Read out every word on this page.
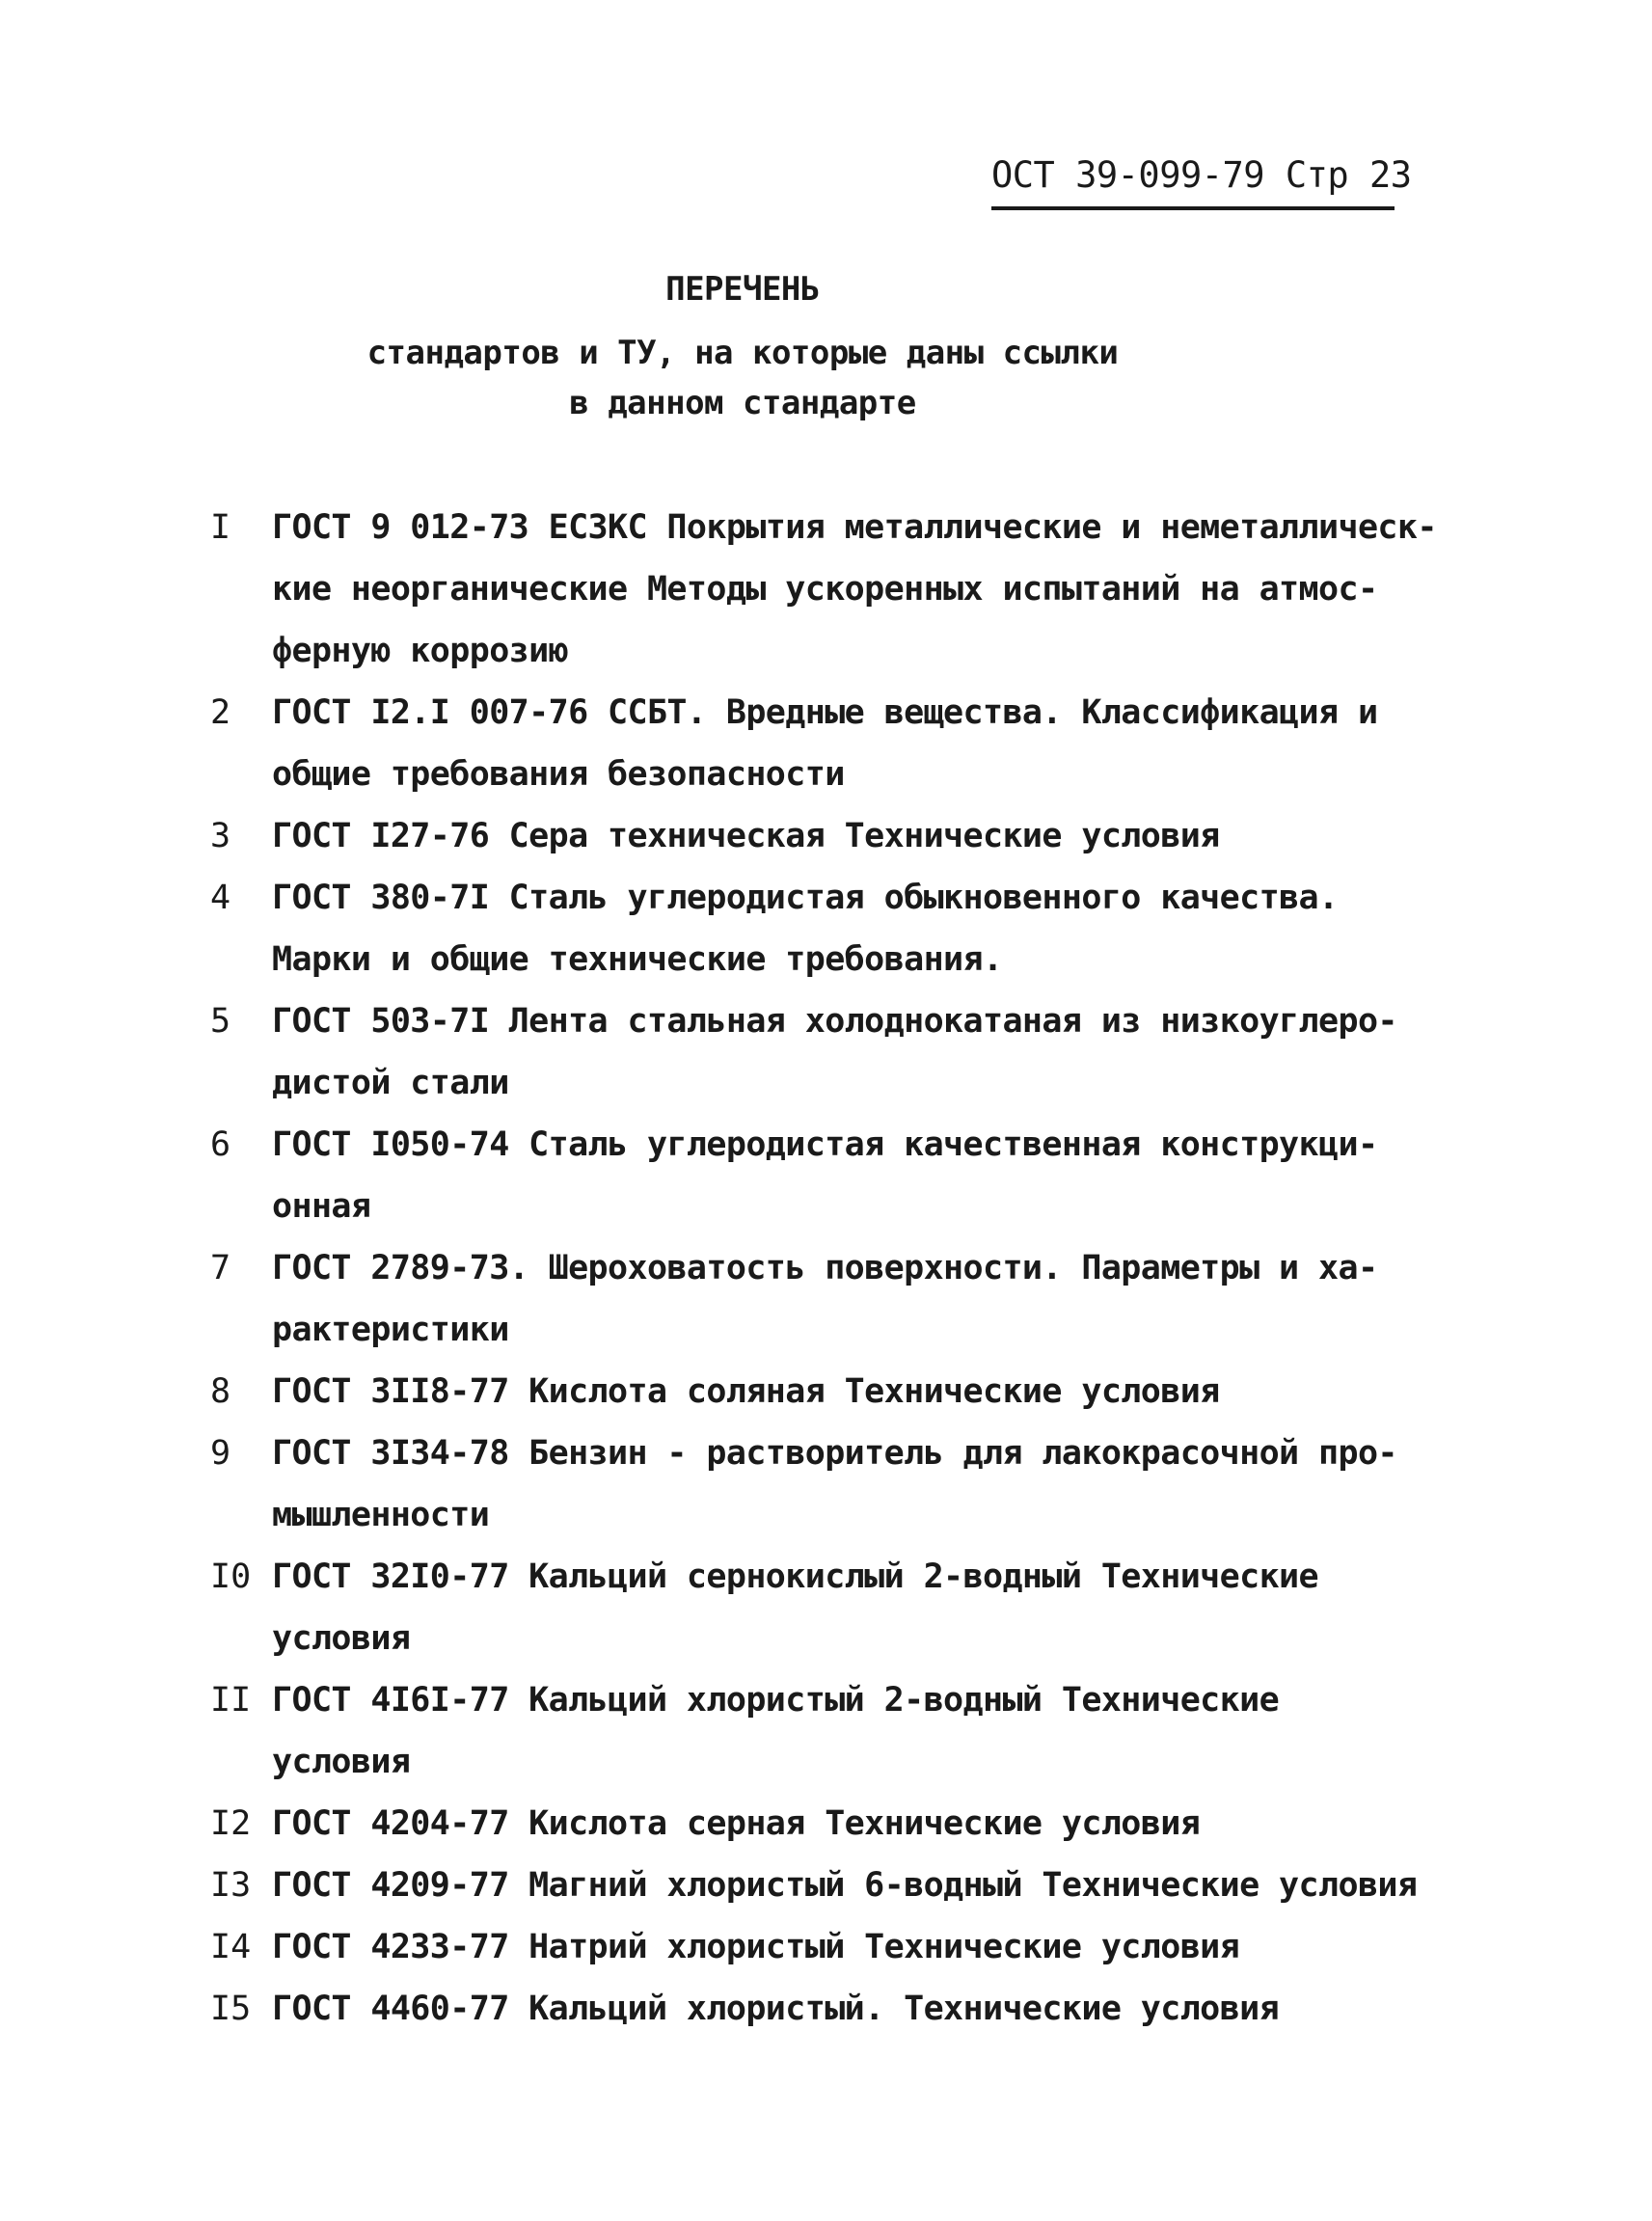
ОСТ 39-099-79 Стр 23
ПЕРЕЧЕНЬ
стандартов и ТУ, на которые даны ссылки
в данном стандарте
I	ГОСТ 9 012-73 ЕСЗКС Покрытия металлические и неметаллическ-
кие неорганические Методы ускоренных испытаний на атмос-
ферную коррозию
2	ГОСТ I2.I 007-76 ССБТ. Вредные вещества. Классификация и
общие требования безопасности
3	ГОСТ I27-76 Сера техническая Технические условия
4	ГОСТ 380-7I Сталь углеродистая обыкновенного качества.
Марки и общие технические требования.
5	ГОСТ 503-7I Лента стальная холоднокатаная из низкоуглеро-
дистой стали
6	ГОСТ I050-74 Сталь углеродистая качественная конструкци-
онная
7	ГОСТ 2789-73. Шероховатость поверхности. Параметры и ха-
рактеристики
8	ГОСТ 3II8-77 Кислота соляная Технические условия
9	ГОСТ 3I34-78 Бензин - растворитель для лакокрасочной про-
мышленности
I0 ГОСТ 32I0-77 Кальций сернокислый 2-водный Технические
условия
II ГОСТ 4I6I-77 Кальций хлористый 2-водный Технические
условия
I2 ГОСТ 4204-77 Кислота серная Технические условия
I3 ГОСТ 4209-77 Магний хлористый 6-водный Технические условия
I4 ГОСТ 4233-77 Натрий хлористый Технические условия
I5 ГОСТ 4460-77 Кальций хлористый. Технические условия
